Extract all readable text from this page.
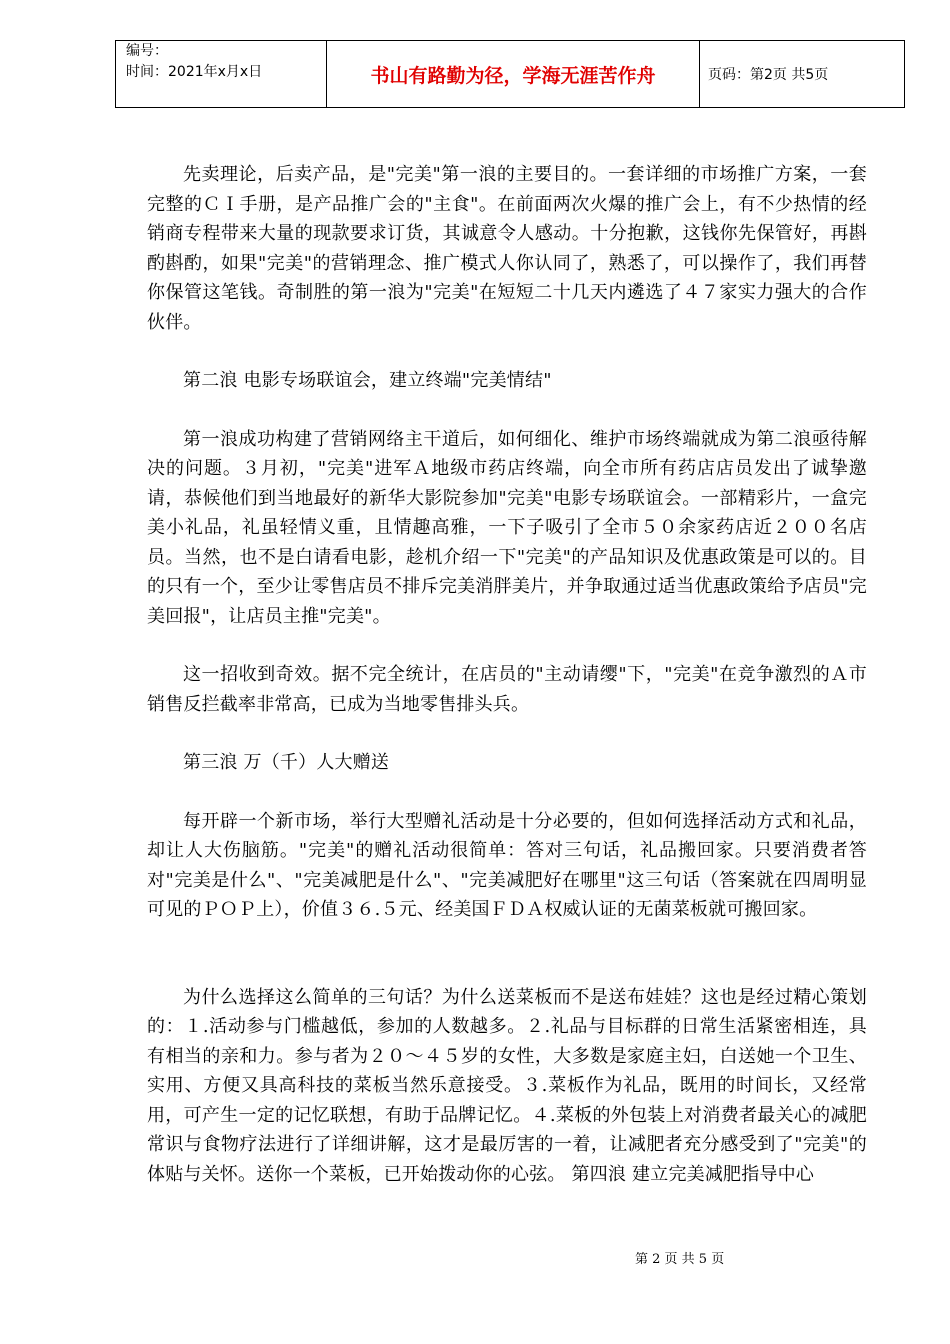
编号：
时间：2021年x月x日	书山有路勤为径，学海无涯苦作舟	页码：第2页 共5页

先卖理论，后卖产品，是"完美"第一浪的主要目的。一套详细的市场推广方案，一套完整的ＣＩ手册，是产品推广会的"主食"。在前面两次火爆的推广会上，有不少热情的经销商专程带来大量的现款要求订货，其诚意令人感动。十分抱歉，这钱你先保管好，再斟酌斟酌，如果"完美"的营销理念、推广模式人你认同了，熟悉了，可以操作了，我们再替你保管这笔钱。奇制胜的第一浪为"完美"在短短二十几天内遴选了４７家实力强大的合作伙伴。

第二浪 电影专场联谊会，建立终端"完美情结"

第一浪成功构建了营销网络主干道后，如何细化、维护市场终端就成为第二浪亟待解决的问题。３月初，"完美"进军Ａ地级市药店终端，向全市所有药店店员发出了诚挚邀请，恭候他们到当地最好的新华大影院参加"完美"电影专场联谊会。一部精彩片，一盒完美小礼品，礼虽轻情义重，且情趣高雅，一下子吸引了全市５０余家药店近２００名店员。当然，也不是白请看电影，趁机介绍一下"完美"的产品知识及优惠政策是可以的。目的只有一个，至少让零售店员不排斥完美消胖美片，并争取通过适当优惠政策给予店员"完美回报"，让店员主推"完美"。

这一招收到奇效。据不完全统计，在店员的"主动请缨"下，"完美"在竞争激烈的Ａ市销售反拦截率非常高，已成为当地零售排头兵。

第三浪 万（千）人大赠送

每开辟一个新市场，举行大型赠礼活动是十分必要的，但如何选择活动方式和礼品，却让人大伤脑筋。"完美"的赠礼活动很简单：答对三句话，礼品搬回家。只要消费者答对"完美是什么"、"完美减肥是什么"、"完美减肥好在哪里"这三句话（答案就在四周明显可见的ＰＯＰ上），价值３６.５元、经美国ＦＤＡ权威认证的无菌菜板就可搬回家。

为什么选择这么简单的三句话？为什么送菜板而不是送布娃娃？这也是经过精心策划的：１.活动参与门槛越低，参加的人数越多。２.礼品与目标群的日常生活紧密相连，具有相当的亲和力。参与者为２０～４５岁的女性，大多数是家庭主妇，白送她一个卫生、实用、方便又具高科技的菜板当然乐意接受。３.菜板作为礼品，既用的时间长，又经常用，可产生一定的记忆联想，有助于品牌记忆。４.菜板的外包装上对消费者最关心的减肥常识与食物疗法进行了详细讲解，这才是最厉害的一着，让减肥者充分感受到了"完美"的体贴与关怀。送你一个菜板，已开始拨动你的心弦。 第四浪 建立完美减肥指导中心

第 2 页 共 5 页
